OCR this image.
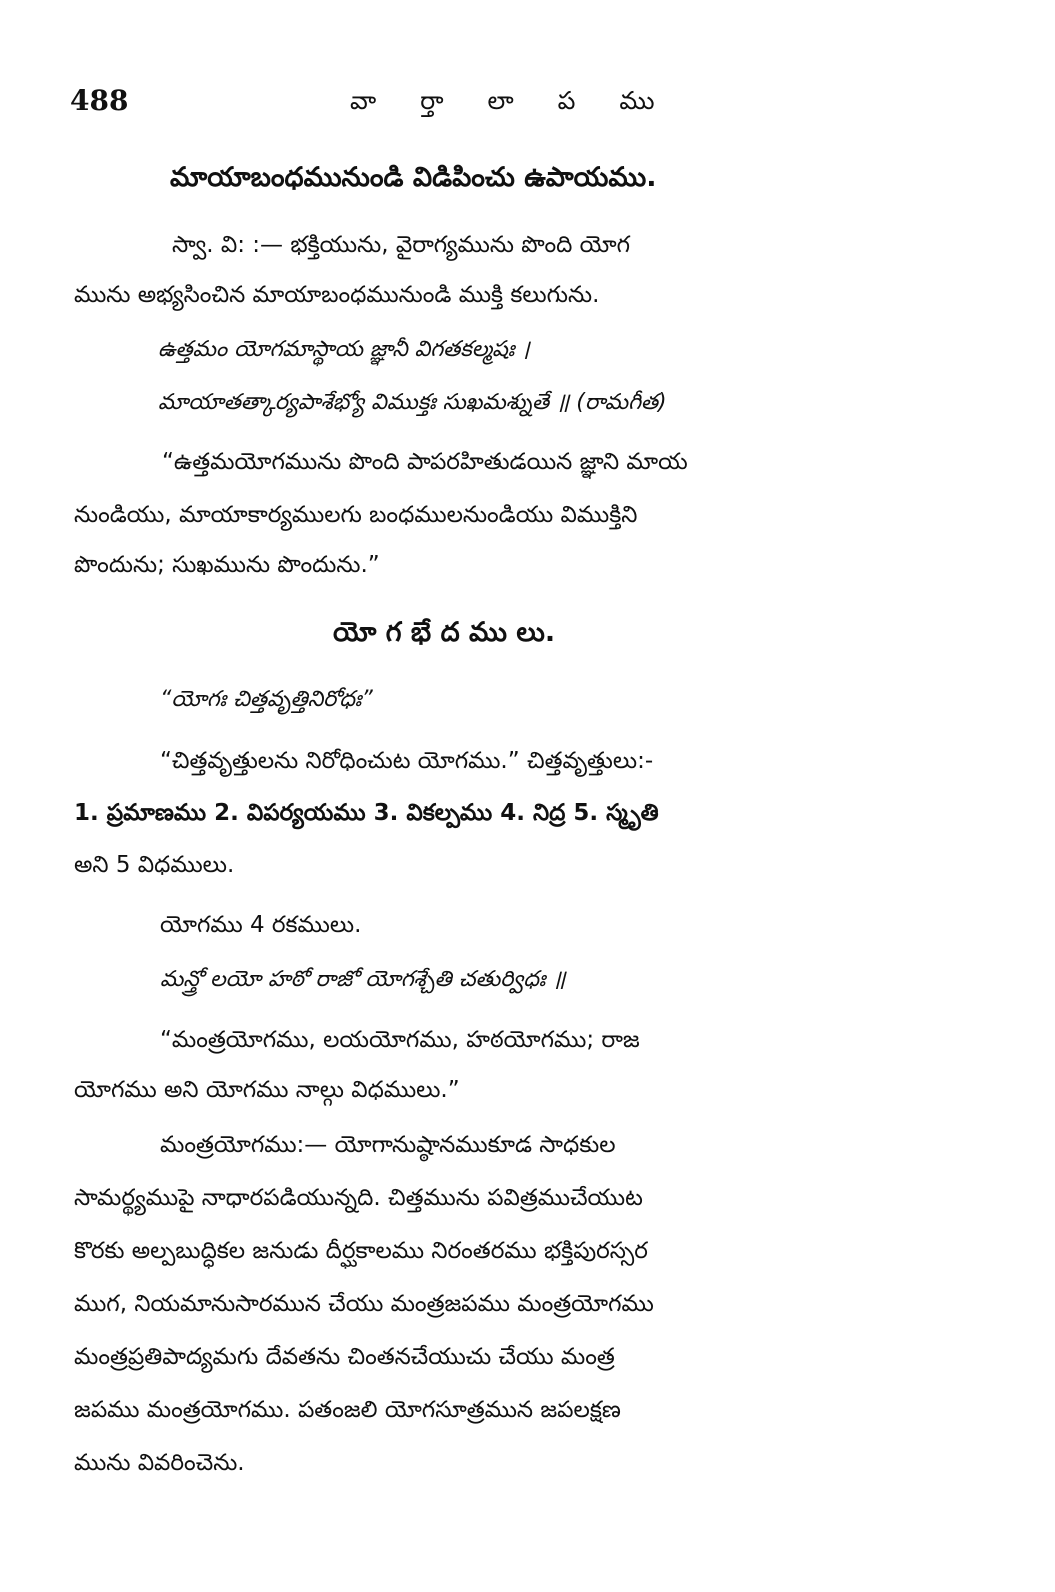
488	వా ర్తా లా ప ము
మాయాబంధమునుండి విడిపించు ఉపాయము.
స్వా. వి: :— భక్తియును, వైరాగ్యమును పొంది యోగ
మును అభ్యసించిన మాయాబంధమునుండి ముక్తి కలుగును.
ఉత్తమం యోగమాస్థాయ జ్ఞానీ విగతకల్మషః ।
మాయాతత్కార్యపాశేభ్యో విముక్తః సుఖమశ్నుతే ॥ (రామగీత)
“ఉత్తమయోగమును పొంది పాపరహితుడయిన జ్ఞాని మాయ
నుండియు, మాయాకార్యములగు బంధములనుండియు విముక్తిని
పొందును; సుఖమును పొందును.”
యో గ భే ద ము లు.
“యోగః చిత్తవృత్తినిరోధః”
“చిత్తవృత్తులను నిరోధించుట యోగము.” చిత్తవృత్తులు:-
1. ప్రమాణము 2. విపర్యయము 3. వికల్పము 4. నిద్ర 5. స్మృతి
అని 5 విధములు.
యోగము 4 రకములు.
మన్త్రో లయో హఠో రాజో యోగశ్చేతి చతుర్విధః ॥
“మంత్రయోగము, లయయోగము, హఠయోగము; రాజ
యోగము అని యోగము నాల్గు విధములు.”
మంత్రయోగము:— యోగానుష్ఠానముకూడ సాధకుల
సామర్థ్యముపై నాధారపడియున్నది. చిత్తమును పవిత్రముచేయుట
కొరకు అల్పబుద్ధికల జనుడు దీర్ఘకాలము నిరంతరము భక్తిపురస్సర
ముగ, నియమానుసారమున చేయు మంత్రజపము మంత్రయోగము
మంత్రప్రతిపాద్యమగు దేవతను చింతనచేయుచు చేయు మంత్ర
జపము మంత్రయోగము. పతంజలి యోగసూత్రమున జపలక్షణ
మును వివరించెను.
